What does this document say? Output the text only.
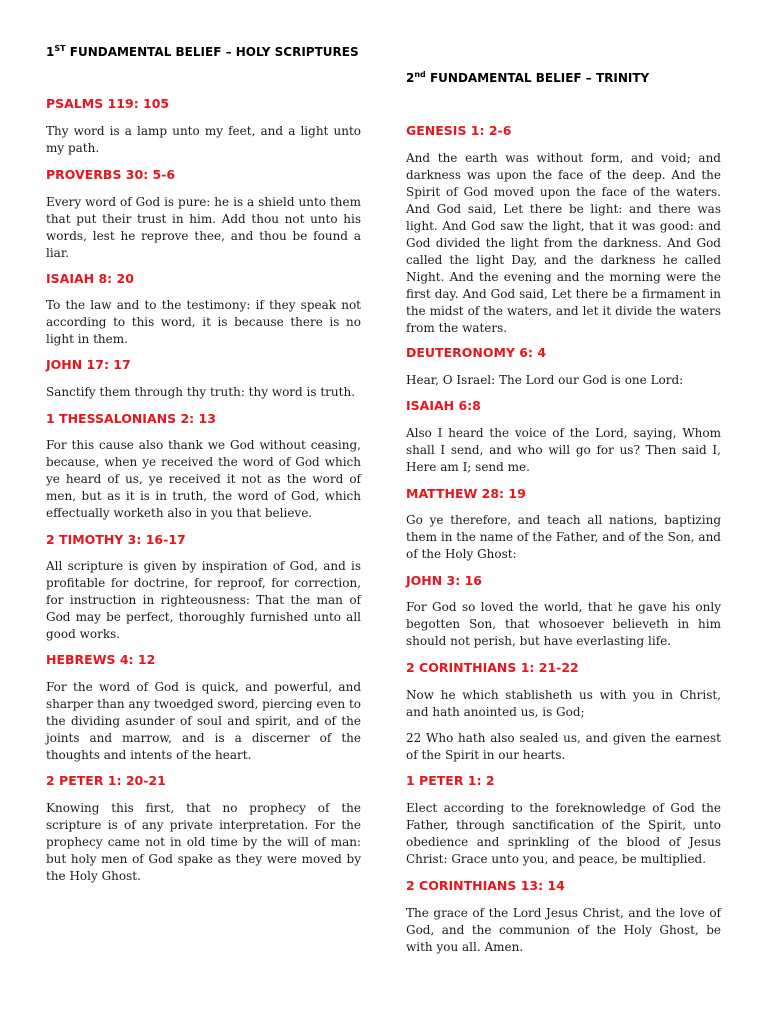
1ST FUNDAMENTAL BELIEF – HOLY SCRIPTURES
PSALMS 119: 105
Thy word is a lamp unto my feet, and a light unto my path.
PROVERBS 30: 5-6
Every word of God is pure: he is a shield unto them that put their trust in him. Add thou not unto his words, lest he reprove thee, and thou be found a liar.
ISAIAH 8: 20
To the law and to the testimony: if they speak not according to this word, it is because there is no light in them.
JOHN 17: 17
Sanctify them through thy truth: thy word is truth.
1 THESSALONIANS 2: 13
For this cause also thank we God without ceasing, because, when ye received the word of God which ye heard of us, ye received it not as the word of men, but as it is in truth, the word of God, which effectually worketh also in you that believe.
2 TIMOTHY 3: 16-17
All scripture is given by inspiration of God, and is profitable for doctrine, for reproof, for correction, for instruction in righteousness: That the man of God may be perfect, thoroughly furnished unto all good works.
HEBREWS 4: 12
For the word of God is quick, and powerful, and sharper than any twoedged sword, piercing even to the dividing asunder of soul and spirit, and of the joints and marrow, and is a discerner of the thoughts and intents of the heart.
2 PETER 1: 20-21
Knowing this first, that no prophecy of the scripture is of any private interpretation. For the prophecy came not in old time by the will of man: but holy men of God spake as they were moved by the Holy Ghost.
2nd FUNDAMENTAL BELIEF – TRINITY
GENESIS 1: 2-6
And the earth was without form, and void; and darkness was upon the face of the deep. And the Spirit of God moved upon the face of the waters. And God said, Let there be light: and there was light. And God saw the light, that it was good: and God divided the light from the darkness. And God called the light Day, and the darkness he called Night. And the evening and the morning were the first day. And God said, Let there be a firmament in the midst of the waters, and let it divide the waters from the waters.
DEUTERONOMY 6: 4
Hear, O Israel: The Lord our God is one Lord:
ISAIAH 6:8
Also I heard the voice of the Lord, saying, Whom shall I send, and who will go for us? Then said I, Here am I; send me.
MATTHEW 28: 19
Go ye therefore, and teach all nations, baptizing them in the name of the Father, and of the Son, and of the Holy Ghost:
JOHN 3: 16
For God so loved the world, that he gave his only begotten Son, that whosoever believeth in him should not perish, but have everlasting life.
2 CORINTHIANS 1: 21-22
Now he which stablisheth us with you in Christ, and hath anointed us, is God;
22 Who hath also sealed us, and given the earnest of the Spirit in our hearts.
1 PETER 1: 2
Elect according to the foreknowledge of God the Father, through sanctification of the Spirit, unto obedience and sprinkling of the blood of Jesus Christ: Grace unto you, and peace, be multiplied.
2 CORINTHIANS 13: 14
The grace of the Lord Jesus Christ, and the love of God, and the communion of the Holy Ghost, be with you all. Amen.
